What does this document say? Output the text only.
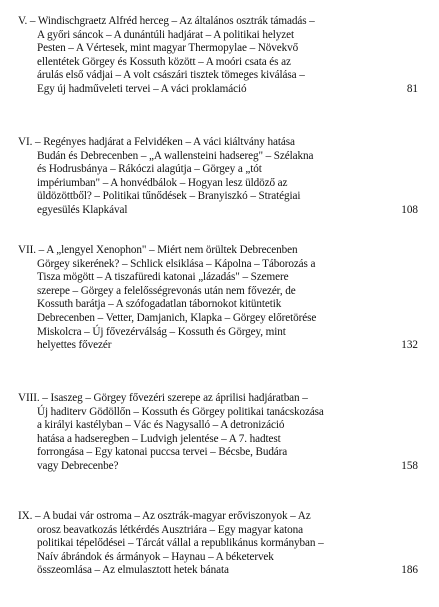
V. – Windischgraetz Alfréd herceg – Az általános osztrák támadás –
A győri sáncok – A dunántúli hadjárat – A politikai helyzet
Pesten – A Vértesek, mint magyar Thermopylae – Növekvő
ellentétek Görgey és Kossuth között – A moóri csata és az
árulás első vádjai – A volt császári tisztek tömeges kiválása –
Egy új hadműveleti tervei – A váci proklamáció	81
VI. – Regényes hadjárat a Felvidéken – A váci kiáltvány hatása
Budán és Debrecenben – „A wallensteini hadsereg" – Szélakna
és Hodrusbánya – Rákóczi alagútja – Görgey a „tót
impériumban" – A honvédbálok – Hogyan lesz üldöző az
üldözöttből? – Politikai tűnődések – Branyiszkó – Stratégiai
egyesülés Klapkával	108
VII. – A „lengyel Xenophon" – Miért nem örültek Debrecenben
Görgey sikerének? – Schlick elsiklása – Kápolna – Táborozás a
Tisza mögött – A tiszafüredi katonai „lázadás" – Szemere
szerepe – Görgey a felelősségrevonás után nem fővezér, de
Kossuth barátja – A szófogadatlan tábornokot kitüntetik
Debrecenben – Vetter, Damjanich, Klapka – Görgey előretörése
Miskolcra – Új fővezérválság – Kossuth és Görgey, mint
helyettes fővezér	132
VIII. – Isaszeg – Görgey fővezéri szerepe az áprilisi hadjáratban –
Új haditerv Gödöllőn – Kossuth és Görgey politikai tanácskozása
a királyi kastélyban – Vác és Nagysalló – A detronizáció
hatása a hadseregben – Ludvigh jelentése – A 7. hadtest
forrongása – Egy katonai puccsa tervei – Bécsbe, Budára
vagy Debrecenbe?	158
IX. – A budai vár ostroma – Az osztrák-magyar erőviszonyok – Az
orosz beavatkozás létkérdés Ausztriára – Egy magyar katona
politikai tépelődései – Tárcát vállal a republikánus kormányban –
Naív ábrándok és ármányok – Haynau – A béketervek
összeomlása – Az elmulasztott hetek bánata	186
